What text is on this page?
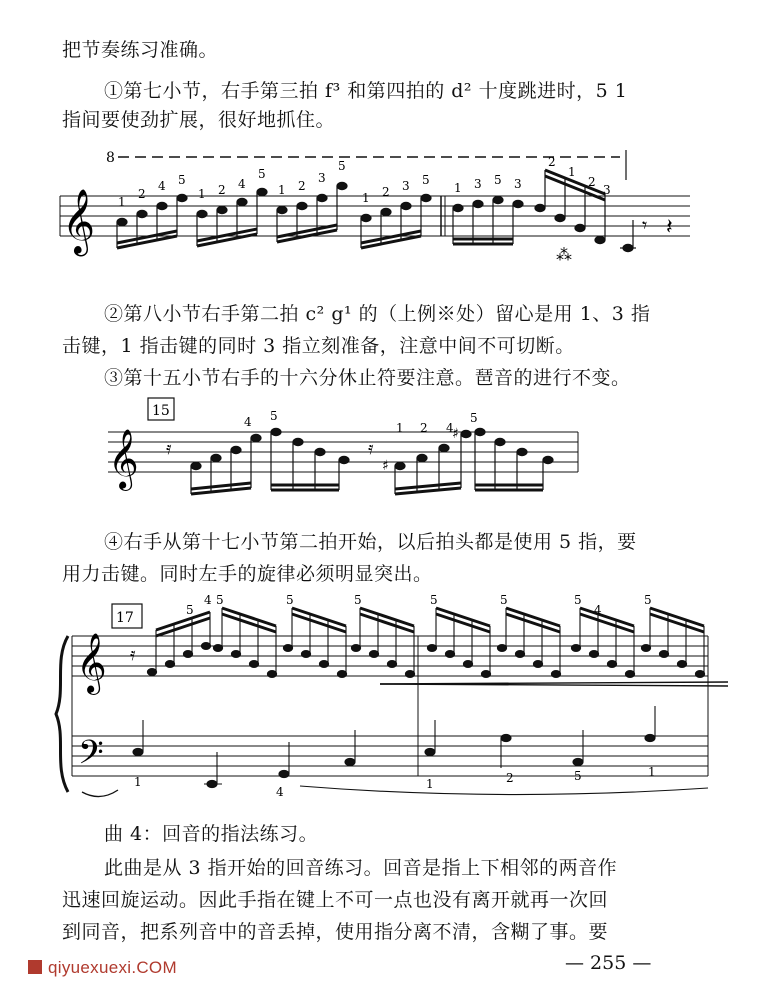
把节奏练习准确。
①第七小节，右手第三拍 f³ 和第四拍的 d² 十度跳进时，5 1
指间要使劲扩展，很好地抓住。
8
𝄞	𝄾 𝄽
⁂
1
2
4 5
1 2 4
5
1 2
3
5
1 2 3 5
1 3 5 3
2
1
2
3
②第八小节右手第二拍 c² g¹ 的（上例※处）留心是用 1、3 指
击键，1 指击键的同时 3 指立刻准备，注意中间不可切断。
③第十五小节右手的十六分休止符要注意。琶音的进行不变。
15
𝄞 𝄿	𝄿
♯
♯
4 5
1 2 4
5
④右手从第十七小节第二拍开始，以后拍头都是使用 5 指，要
用力击键。同时左手的旋律必须明显突出。
17
𝄞
𝄢
𝄿
5
4 5	5	5	5	5	5
4
5
1
4
1	2	5	1
曲 4：回音的指法练习。
此曲是从 3 指开始的回音练习。回音是指上下相邻的两音作
迅速回旋运动。因此手指在键上不可一点也没有离开就再一次回
到同音，把系列音中的音丢掉，使用指分离不清，含糊了事。要
qiyuexuexi.COM	— 255 —
